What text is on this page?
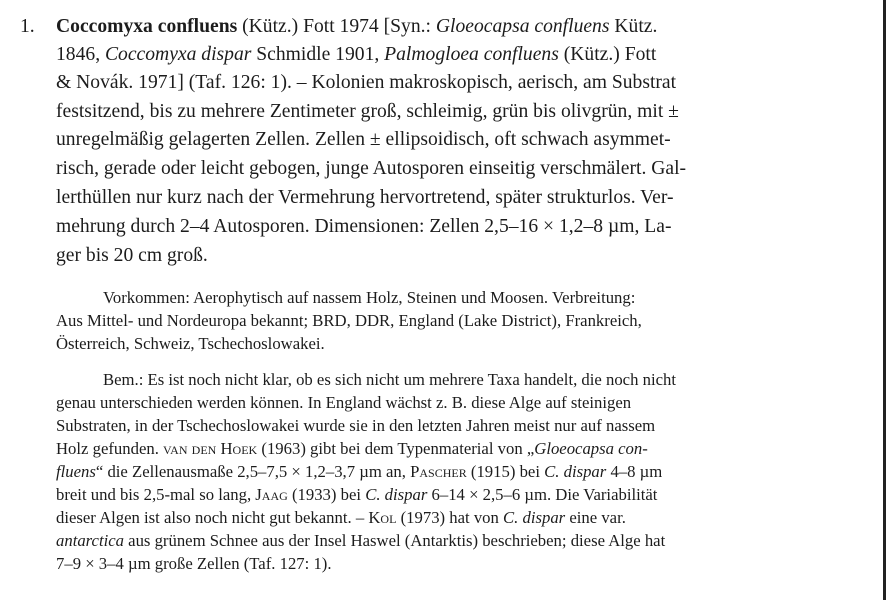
1. Coccomyxa confluens (Kütz.) Fott 1974 [Syn.: Gloeocapsa confluens Kütz.
1846, Coccomyxa dispar Schmidle 1901, Palmogloea confluens (Kütz.) Fott
& Novák. 1971] (Taf. 126: 1). – Kolonien makroskopisch, aerisch, am Substrat
festsitzend, bis zu mehrere Zentimeter groß, schleimig, grün bis olivgrün, mit ±
unregelmäßig gelagerten Zellen. Zellen ± ellipsoidisch, oft schwach asymmet-
risch, gerade oder leicht gebogen, junge Autosporen einseitig verschmälert. Gal-
lerthüllen nur kurz nach der Vermehrung hervortretend, später strukturlos. Ver-
mehrung durch 2–4 Autosporen. Dimensionen: Zellen 2,5–16 × 1,2–8 µm, La-
ger bis 20 cm groß.
Vorkommen: Aerophytisch auf nassem Holz, Steinen und Moosen. Verbreitung:
Aus Mittel- und Nordeuropa bekannt; BRD, DDR, England (Lake District), Frankreich,
Österreich, Schweiz, Tschechoslowakei.
Bem.: Es ist noch nicht klar, ob es sich nicht um mehrere Taxa handelt, die noch nicht
genau unterschieden werden können. In England wächst z. B. diese Alge auf steinigen
Substraten, in der Tschechoslowakei wurde sie in den letzten Jahren meist nur auf nassem
Holz gefunden. van den Hoek (1963) gibt bei dem Typenmaterial von „Gloeocapsa con-
fluens“ die Zellenausmaße 2,5–7,5 × 1,2–3,7 µm an, Pascher (1915) bei C. dispar 4–8 µm
breit und bis 2,5-mal so lang, Jaag (1933) bei C. dispar 6–14 × 2,5–6 µm. Die Variabilität
dieser Algen ist also noch nicht gut bekannt. – Kol (1973) hat von C. dispar eine var.
antarctica aus grünem Schnee aus der Insel Haswel (Antarktis) beschrieben; diese Alge hat
7–9 × 3–4 µm große Zellen (Taf. 127: 1).
